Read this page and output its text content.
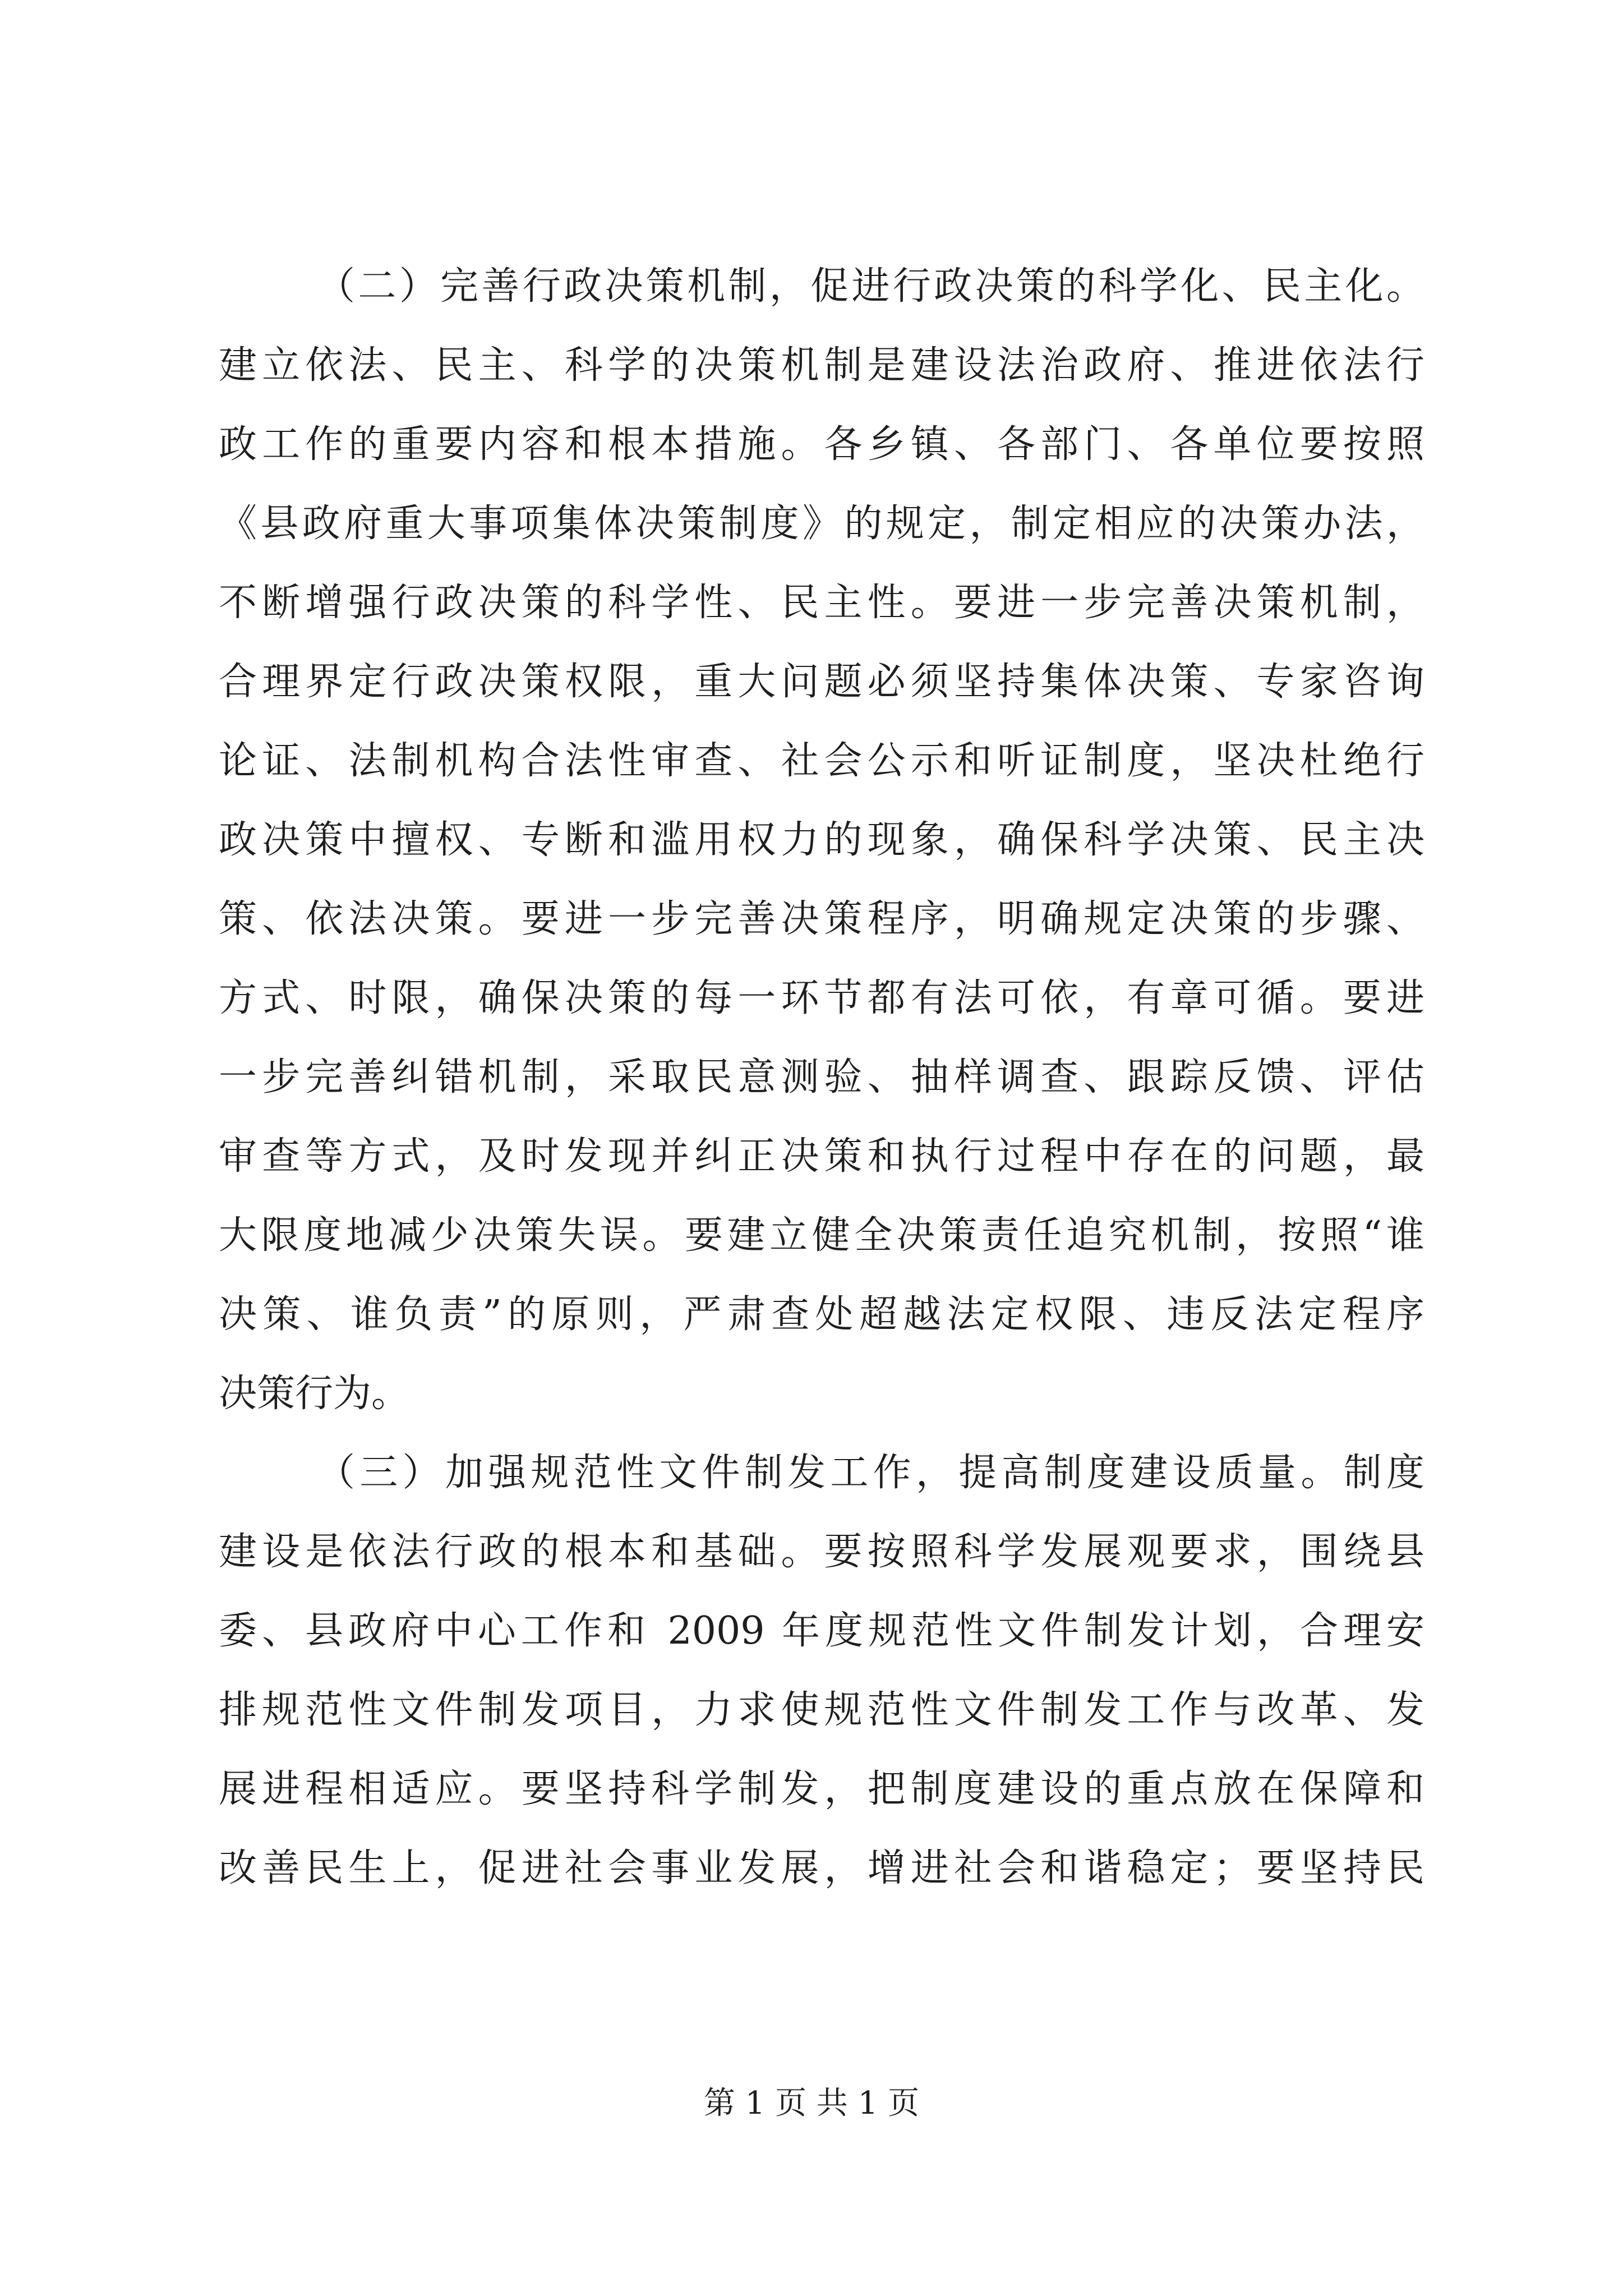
（二）完善行政决策机制，促进行政决策的科学化、民主化。
建立依法、民主、科学的决策机制是建设法治政府、推进依法行
政工作的重要内容和根本措施。各乡镇、各部门、各单位要按照
《县政府重大事项集体决策制度》的规定，制定相应的决策办法，
不断增强行政决策的科学性、民主性。要进一步完善决策机制，
合理界定行政决策权限，重大问题必须坚持集体决策、专家咨询
论证、法制机构合法性审查、社会公示和听证制度，坚决杜绝行
政决策中擅权、专断和滥用权力的现象，确保科学决策、民主决
策、依法决策。要进一步完善决策程序，明确规定决策的步骤、
方式、时限，确保决策的每一环节都有法可依，有章可循。要进
一步完善纠错机制，采取民意测验、抽样调查、跟踪反馈、评估
审查等方式，及时发现并纠正决策和执行过程中存在的问题，最
大限度地减少决策失误。要建立健全决策责任追究机制，按照“谁
决策、谁负责”的原则，严肃查处超越法定权限、违反法定程序
决策行为。
（三）加强规范性文件制发工作，提高制度建设质量。制度
建设是依法行政的根本和基础。要按照科学发展观要求，围绕县
委、县政府中心工作和 2009 年度规范性文件制发计划，合理安
排规范性文件制发项目，力求使规范性文件制发工作与改革、发
展进程相适应。要坚持科学制发，把制度建设的重点放在保障和
改善民生上，促进社会事业发展，增进社会和谐稳定；要坚持民
第 1 页 共 1 页
